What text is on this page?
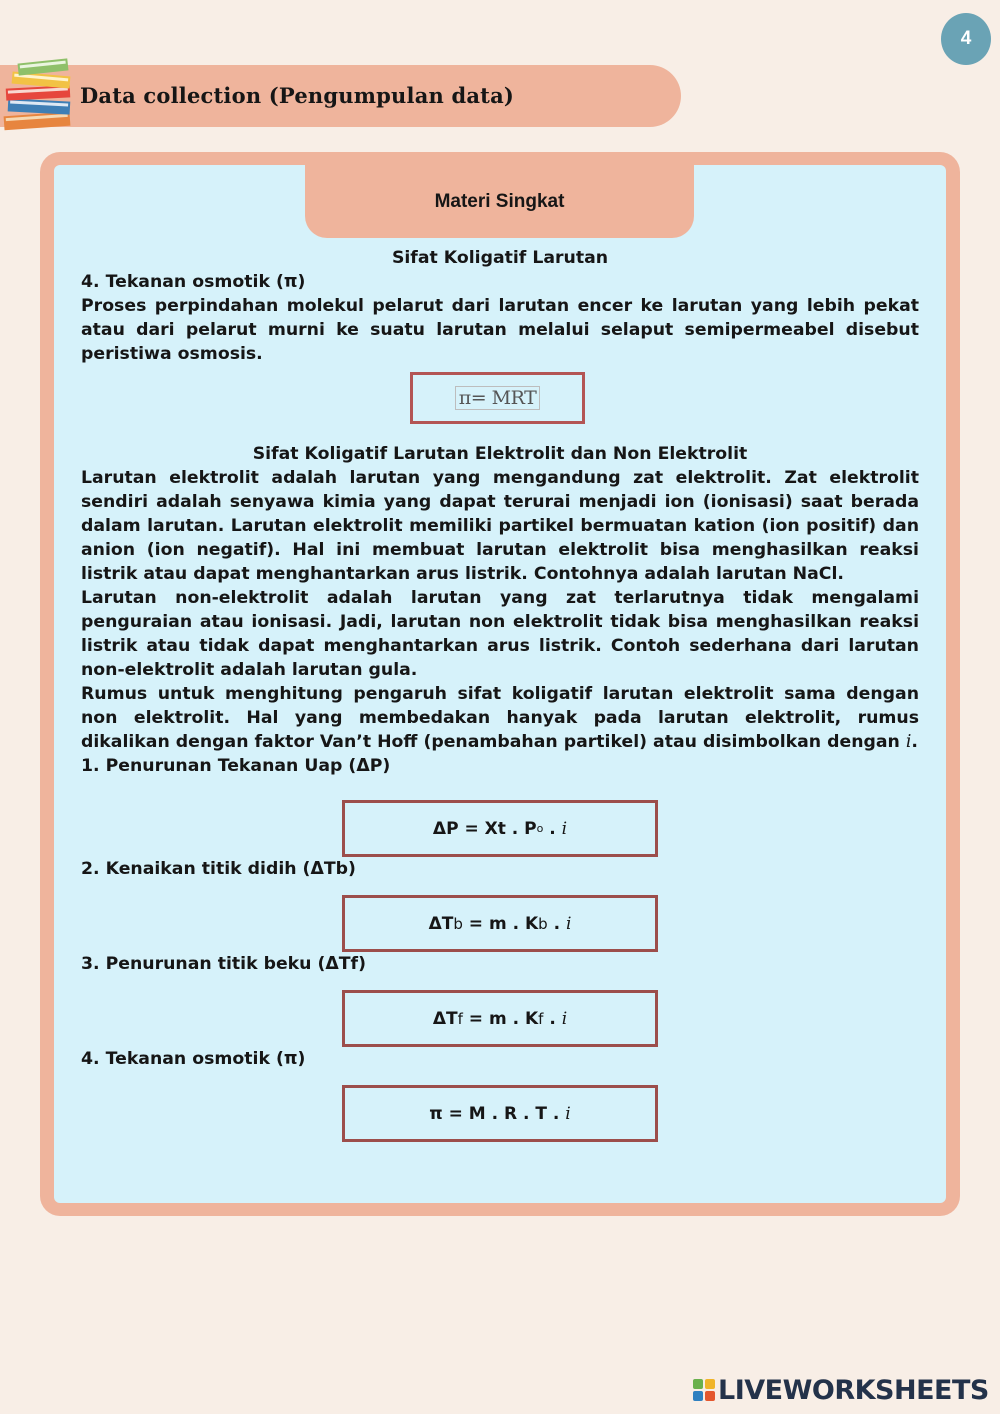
4
Data collection (Pengumpulan data)
Materi Singkat

Sifat Koligatif Larutan

4. Tekanan osmotik (π)

Proses perpindahan molekul pelarut dari larutan encer ke larutan yang lebih pekat atau dari pelarut murni ke suatu larutan melalui selaput semipermeabel disebut peristiwa osmosis.

π= MRT

Sifat Koligatif Larutan Elektrolit dan Non Elektrolit

Larutan elektrolit adalah larutan yang mengandung zat elektrolit. Zat elektrolit sendiri adalah senyawa kimia yang dapat terurai menjadi ion (ionisasi) saat berada dalam larutan. Larutan elektrolit memiliki partikel bermuatan kation (ion positif) dan anion (ion negatif). Hal ini membuat larutan elektrolit bisa menghasilkan reaksi listrik atau dapat menghantarkan arus listrik. Contohnya adalah larutan NaCl.

Larutan non-elektrolit adalah larutan yang zat terlarutnya tidak mengalami penguraian atau ionisasi. Jadi, larutan non elektrolit tidak bisa menghasilkan reaksi listrik atau tidak dapat menghantarkan arus listrik. Contoh sederhana dari larutan non-elektrolit adalah larutan gula.

Rumus untuk menghitung pengaruh sifat koligatif larutan elektrolit sama dengan non elektrolit. Hal yang membedakan hanyak pada larutan elektrolit, rumus dikalikan dengan faktor Van’t Hoff (penambahan partikel) atau disimbolkan dengan i.

1. Penurunan Tekanan Uap (ΔP)

ΔP = Xt . P o . i

2. Kenaikan titik didih (ΔTb)

ΔT b = m . K b . i

3. Penurunan titik beku (ΔTf)

ΔT f = m . K f . i

4. Tekanan osmotik (π)

π = M . R . T . i
LIVEWORKSHEETS
